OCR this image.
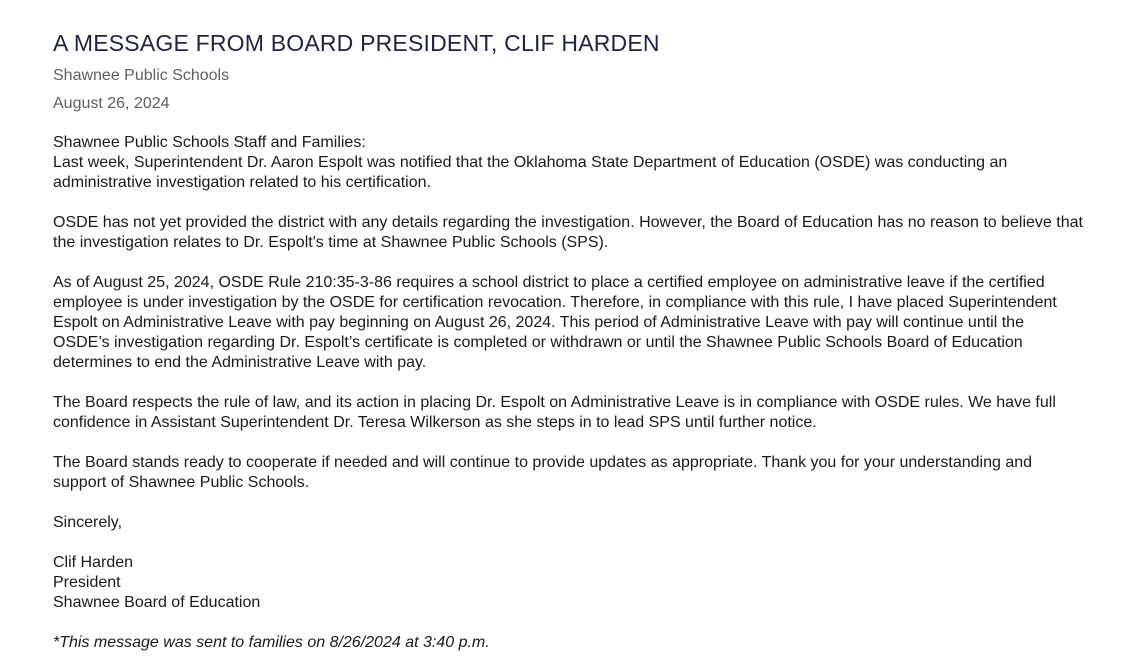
A MESSAGE FROM BOARD PRESIDENT, CLIF HARDEN
Shawnee Public Schools
August 26, 2024
Shawnee Public Schools Staff and Families:

Last week, Superintendent Dr. Aaron Espolt was notified that the Oklahoma State Department of Education (OSDE) was conducting an administrative investigation related to his certification.

OSDE has not yet provided the district with any details regarding the investigation. However, the Board of Education has no reason to believe that the investigation relates to Dr. Espolt's time at Shawnee Public Schools (SPS).

As of August 25, 2024, OSDE Rule 210:35-3-86 requires a school district to place a certified employee on administrative leave if the certified employee is under investigation by the OSDE for certification revocation. Therefore, in compliance with this rule, I have placed Superintendent Espolt on Administrative Leave with pay beginning on August 26, 2024. This period of Administrative Leave with pay will continue until the OSDE’s investigation regarding Dr. Espolt’s certificate is completed or withdrawn or until the Shawnee Public Schools Board of Education determines to end the Administrative Leave with pay.

The Board respects the rule of law, and its action in placing Dr. Espolt on Administrative Leave is in compliance with OSDE rules. We have full confidence in Assistant Superintendent Dr. Teresa Wilkerson as she steps in to lead SPS until further notice.

The Board stands ready to cooperate if needed and will continue to provide updates as appropriate. Thank you for your understanding and support of Shawnee Public Schools.

Sincerely,

Clif Harden
President
Shawnee Board of Education

*This message was sent to families on 8/26/2024 at 3:40 p.m.
